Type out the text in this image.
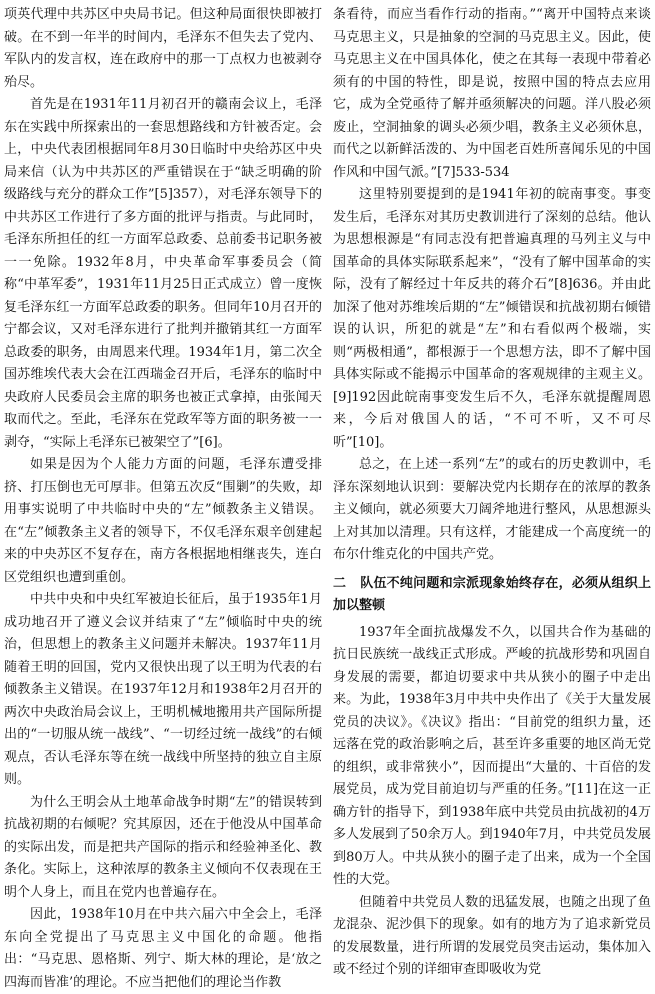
项英代理中共苏区中央局书记。但这种局面很快即被打破。在不到一年半的时间内，毛泽东不但失去了党内、军队内的发言权，连在政府中的那一丁点权力也被剥夺殆尽。

首先是在1931年11月初召开的赣南会议上，毛泽东在实践中所探索出的一套思想路线和方针被否定。会上，中央代表团根据同年8月30日临时中央给苏区中央局来信（认为中共苏区的严重错误在于“缺乏明确的阶级路线与充分的群众工作”[5]357），对毛泽东领导下的中共苏区工作进行了多方面的批评与指责。与此同时，毛泽东所担任的红一方面军总政委、总前委书记职务被一一免除。1932年8月，中央革命军事委员会（简称“中革军委”，1931年11月25日正式成立）曾一度恢复毛泽东红一方面军总政委的职务。但同年10月召开的宁都会议，又对毛泽东进行了批判并撤销其红一方面军总政委的职务，由周恩来代理。1934年1月，第二次全国苏维埃代表大会在江西瑞金召开后，毛泽东的临时中央政府人民委员会主席的职务也被正式拿掉，由张闻天取而代之。至此，毛泽东在党政军等方面的职务被一一剥夺，“实际上毛泽东已被架空了”[6]。

如果是因为个人能力方面的问题，毛泽东遭受排挤、打压倒也无可厚非。但第五次反“围剿”的失败，却用事实说明了中共临时中央的“左”倾教条主义错误。在“左”倾教条主义者的领导下，不仅毛泽东艰辛创建起来的中央苏区不复存在，南方各根据地相继丧失，连白区党组织也遭到重创。

中共中央和中央红军被迫长征后，虽于1935年1月成功地召开了遵义会议并结束了“左”倾临时中央的统治，但思想上的教条主义问题并未解决。1937年11月随着王明的回国，党内又很快出现了以王明为代表的右倾教条主义错误。在1937年12月和1938年2月召开的两次中央政治局会议上，王明机械地搬用共产国际所提出的“一切服从统一战线”、“一切经过统一战线”的右倾观点，否认毛泽东等在统一战线中所坚持的独立自主原则。

为什么王明会从土地革命战争时期“左”的错误转到抗战初期的右倾呢？究其原因，还在于他没从中国革命的实际出发，而是把共产国际的指示和经验神圣化、教条化。实际上，这种浓厚的教条主义倾向不仅表现在王明个人身上，而且在党内也普遍存在。

因此，1938年10月在中共六届六中全会上，毛泽东向全党提出了马克思主义中国化的命题。他指出：“马克思、恩格斯、列宁、斯大林的理论，是‘放之四海而皆准’的理论。不应当把他们的理论当作教

条看待，而应当看作行动的指南。”“离开中国特点来谈马克思主义，只是抽象的空洞的马克思主义。因此，使马克思主义在中国具体化，使之在其每一表现中带着必须有的中国的特性，即是说，按照中国的特点去应用它，成为全党亟待了解并亟须解决的问题。洋八股必须废止，空洞抽象的调头必须少唱，教条主义必须休息，而代之以新鲜活泼的、为中国老百姓所喜闻乐见的中国作风和中国气派。”[7]533-534

这里特别要提到的是1941年初的皖南事变。事变发生后，毛泽东对其历史教训进行了深刻的总结。他认为思想根源是“有同志没有把普遍真理的马列主义与中国革命的具体实际联系起来”，“没有了解中国革命的实际，没有了解经过十年反共的蒋介石”[8]636。并由此加深了他对苏维埃后期的“左”倾错误和抗战初期右倾错误的认识，所犯的就是“左”和右看似两个极端，实则“两极相通”，都根源于一个思想方法，即不了解中国具体实际或不能揭示中国革命的客观规律的主观主义。[9]192因此皖南事变发生后不久，毛泽东就提醒周恩来，今后对俄国人的话，“不可不听，又不可尽听”[10]。

总之，在上述一系列“左”的或右的历史教训中，毛泽东深刻地认识到：要解决党内长期存在的浓厚的教条主义倾向，就必须要大刀阔斧地进行整风，从思想源头上对其加以清理。只有这样，才能建成一个高度统一的布尔什维克化的中国共产党。

二 队伍不纯问题和宗派现象始终存在，必须从组织上加以整顿

1937年全面抗战爆发不久，以国共合作为基础的抗日民族统一战线正式形成。严峻的抗战形势和巩固自身发展的需要，都迫切要求中共从狭小的圈子中走出来。为此，1938年3月中共中央作出了《关于大量发展党员的决议》。《决议》指出：“目前党的组织力量，还远落在党的政治影响之后，甚至许多重要的地区尚无党的组织，或非常狭小”，因而提出“大量的、十百倍的发展党员，成为党目前迫切与严重的任务。”[11]在这一正确方针的指导下，到1938年底中共党员由抗战初的4万多人发展到了50余万人。到1940年7月，中共党员发展到80万人。中共从狭小的圈子走了出来，成为一个全国性的大党。

但随着中共党员人数的迅猛发展，也随之出现了鱼龙混杂、泥沙俱下的现象。如有的地方为了追求新党员的发展数量，进行所谓的发展党员突击运动，集体加入或不经过个别的详细审查即吸收为党
